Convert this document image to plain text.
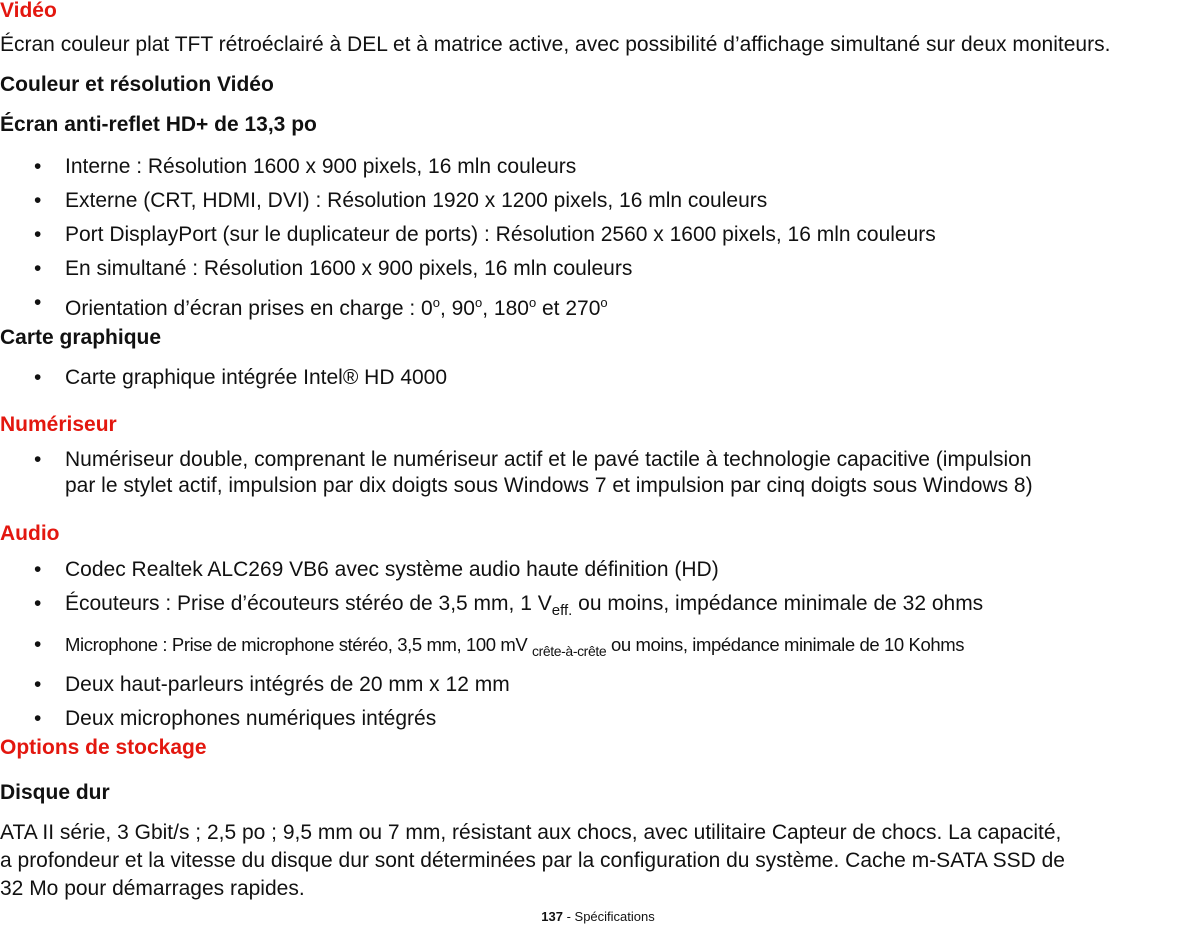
Vidéo

Écran couleur plat TFT rétroéclairé à DEL et à matrice active, avec possibilité d’affichage simultané sur deux moniteurs.

Couleur et résolution Vidéo
Écran anti-reflet HD+ de 13,3 po
• Interne : Résolution 1600 x 900 pixels, 16 mln couleurs
• Externe (CRT, HDMI, DVI) : Résolution 1920 x 1200 pixels, 16 mln couleurs
• Port DisplayPort (sur le duplicateur de ports) : Résolution 2560 x 1600 pixels, 16 mln couleurs
• En simultané : Résolution 1600 x 900 pixels, 16 mln couleurs
• Orientation d’écran prises en charge : 0$^o$, 90$^o$, 180$^o$ et 270$^o$
Carte graphique
• Carte graphique intégrée Intel® HD 4000
Numériseur
• Numériseur double, comprenant le numériseur actif et le pavé tactile à technologie capacitive (impulsion
par le stylet actif, impulsion par dix doigts sous Windows 7 et impulsion par cinq doigts sous Windows 8)
Audio
• Codec Realtek ALC269 VB6 avec système audio haute définition (HD)
• Écouteurs : Prise d’écouteurs stéréo de 3,5 mm, 1 $V_{eff.}$ ou moins, impédance minimale de 32 ohms
• Microphone : Prise de microphone stéréo, 3,5 mm, 100 mV $_{crête-à-crête}$ ou moins, impédance minimale de 10 Kohms
• Deux haut-parleurs intégrés de 20 mm x 12 mm
• Deux microphones numériques intégrés
Options de stockage
Disque dur

ATA II série, 3 Gbit/s ; 2,5 po ; 9,5 mm ou 7 mm, résistant aux chocs, avec utilitaire Capteur de chocs. La capacité,
a profondeur et la vitesse du disque dur sont déterminées par la configuration du système. Cache m-SATA SSD de
32 Mo pour démarrages rapides.

137 - Spécifications
